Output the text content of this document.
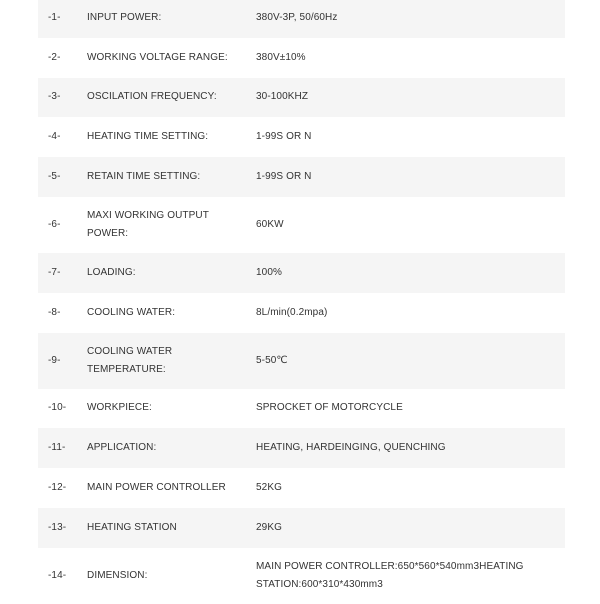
-1-	INPUT POWER:	380V-3P, 50/60Hz
-2-	WORKING VOLTAGE RANGE:	380V±10%
-3-	OSCILATION FREQUENCY:	30-100KHZ
-4-	HEATING TIME SETTING:	1-99S OR N
-5-	RETAIN TIME SETTING:	1-99S OR N
-6-	MAXI WORKING OUTPUT POWER:	60KW
-7-	LOADING:	100%
-8-	COOLING WATER:	8L/min(0.2mpa)
-9-	COOLING WATER TEMPERATURE:	5-50℃
-10-	WORKPIECE:	SPROCKET OF MOTORCYCLE
-11-	APPLICATION:	HEATING, HARDEINGING, QUENCHING
-12-	MAIN POWER CONTROLLER	52KG
-13-	HEATING STATION	29KG
-14-	DIMENSION:	MAIN POWER CONTROLLER:650*560*540mm3HEATING STATION:600*310*430mm3
